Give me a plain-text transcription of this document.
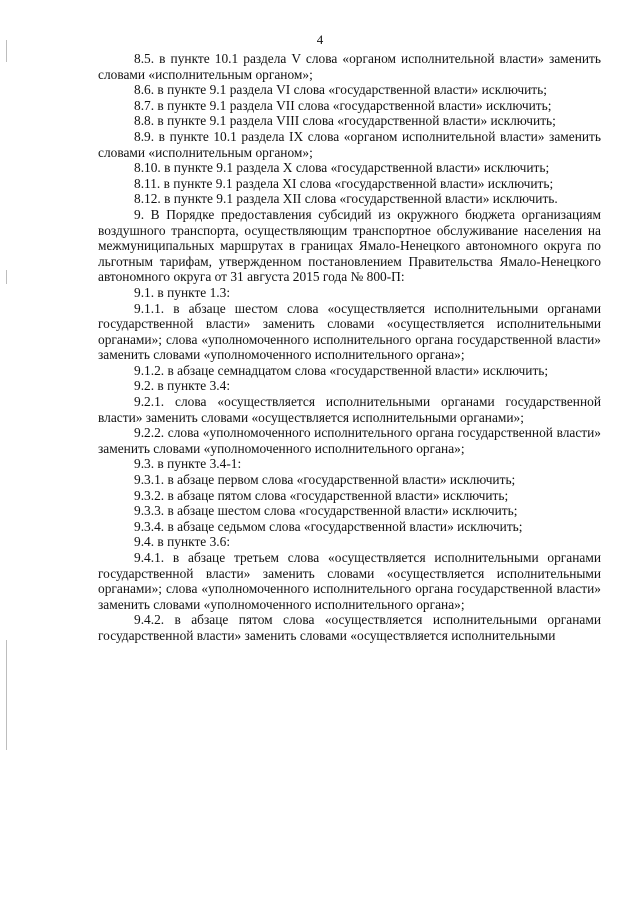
4

8.5. в пункте 10.1 раздела V слова «органом исполнительной власти» заменить словами «исполнительным органом»;

8.6. в пункте 9.1 раздела VI слова «государственной власти» исключить;

8.7. в пункте 9.1 раздела VII слова «государственной власти» исключить;

8.8. в пункте 9.1 раздела VIII слова «государственной власти» исключить;

8.9. в пункте 10.1 раздела IX слова «органом исполнительной власти» заменить словами «исполнительным органом»;

8.10. в пункте 9.1 раздела X слова «государственной власти» исключить;

8.11. в пункте 9.1 раздела XI слова «государственной власти» исключить;

8.12. в пункте 9.1 раздела XII слова «государственной власти» исключить.

9. В Порядке предоставления субсидий из окружного бюджета организациям воздушного транспорта, осуществляющим транспортное обслуживание населения на межмуниципальных маршрутах в границах Ямало-Ненецкого автономного округа по льготным тарифам, утвержденном постановлением Правительства Ямало-Ненецкого автономного округа от 31 августа 2015 года № 800-П:

9.1. в пункте 1.3:

9.1.1. в абзаце шестом слова «осуществляется исполнительными органами государственной власти» заменить словами «осуществляется исполнительными органами»; слова «уполномоченного исполнительного органа государственной власти» заменить словами «уполномоченного исполнительного органа»;

9.1.2. в абзаце семнадцатом слова «государственной власти» исключить;

9.2. в пункте 3.4:

9.2.1. слова «осуществляется исполнительными органами государственной власти» заменить словами «осуществляется исполнительными органами»;

9.2.2. слова «уполномоченного исполнительного органа государственной власти» заменить словами «уполномоченного исполнительного органа»;

9.3. в пункте 3.4-1:

9.3.1. в абзаце первом слова «государственной власти» исключить;

9.3.2. в абзаце пятом слова «государственной власти» исключить;

9.3.3. в абзаце шестом слова «государственной власти» исключить;

9.3.4. в абзаце седьмом слова «государственной власти» исключить;

9.4. в пункте 3.6:

9.4.1. в абзаце третьем слова «осуществляется исполнительными органами государственной власти» заменить словами «осуществляется исполнительными органами»; слова «уполномоченного исполнительного органа государственной власти» заменить словами «уполномоченного исполнительного органа»;

9.4.2. в абзаце пятом слова «осуществляется исполнительными органами государственной власти» заменить словами «осуществляется исполнительными
